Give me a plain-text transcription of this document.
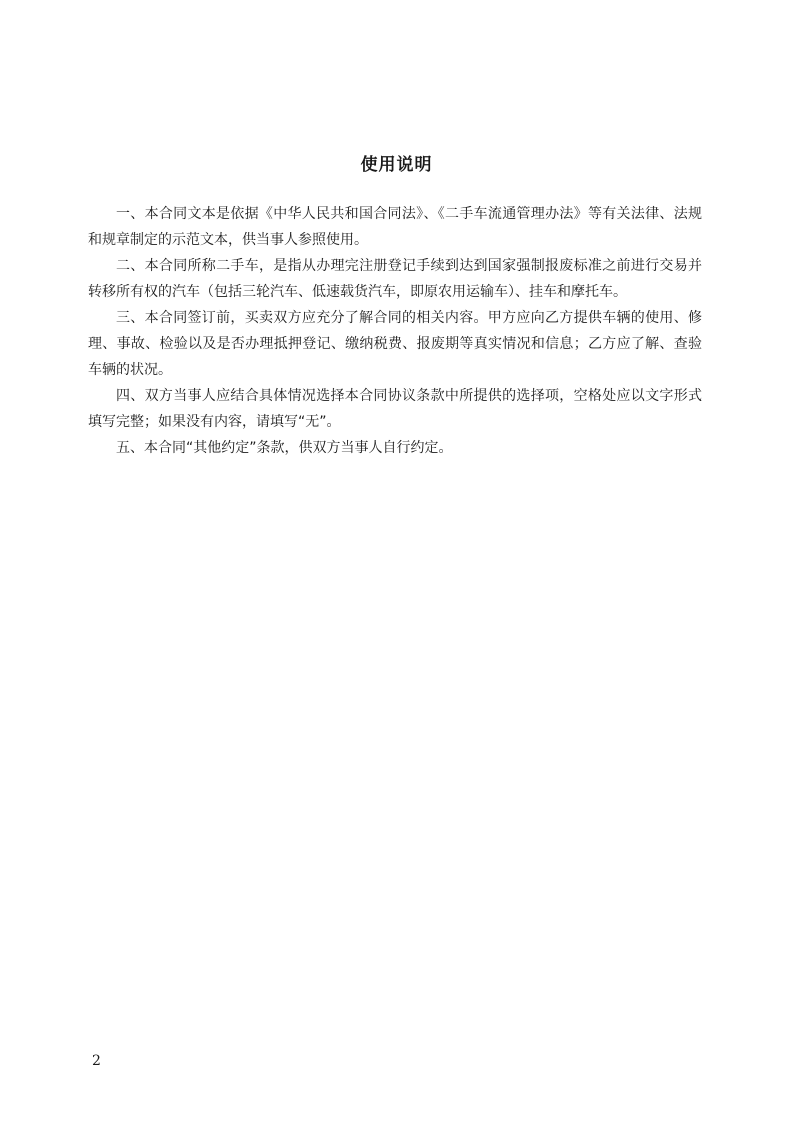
使用说明

一、本合同文本是依据《中华人民共和国合同法》、《二手车流通管理办法》等有关法律、法规和规章制定的示范文本，供当事人参照使用。

二、本合同所称二手车，是指从办理完注册登记手续到达到国家强制报废标准之前进行交易并转移所有权的汽车（包括三轮汽车、低速载货汽车，即原农用运输车）、挂车和摩托车。

三、本合同签订前，买卖双方应充分了解合同的相关内容。甲方应向乙方提供车辆的使用、修理、事故、检验以及是否办理抵押登记、缴纳税费、报废期等真实情况和信息；乙方应了解、查验车辆的状况。

四、双方当事人应结合具体情况选择本合同协议条款中所提供的选择项，空格处应以文字形式填写完整；如果没有内容，请填写“无”。

五、本合同“其他约定”条款，供双方当事人自行约定。

2
